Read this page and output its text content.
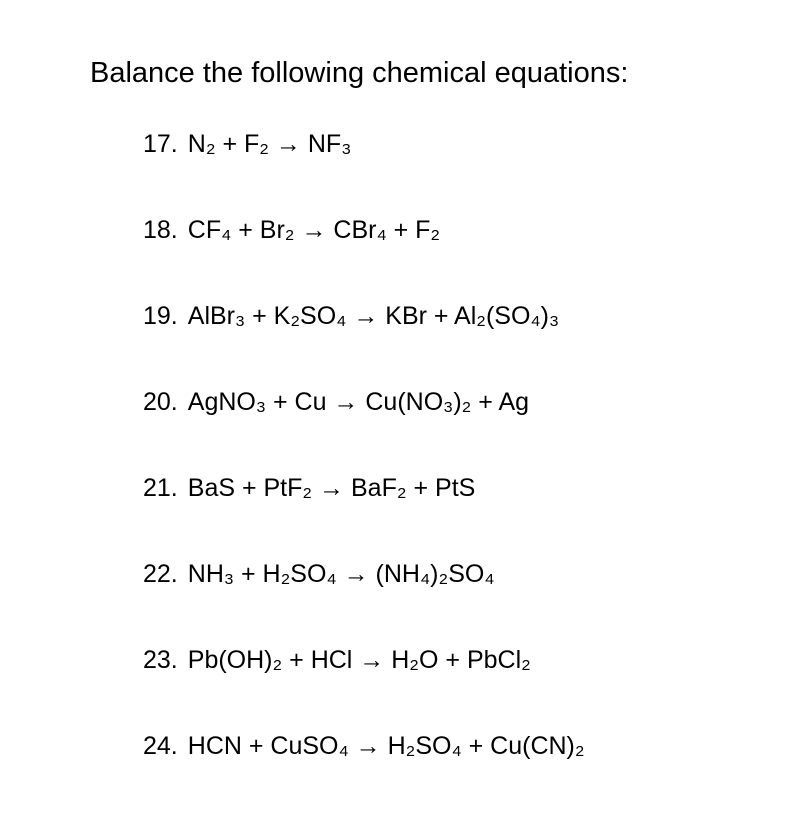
Balance the following chemical equations:
17. N₂ + F₂ → NF₃
18. CF₄ + Br₂ → CBr₄ + F₂
19. AlBr₃ + K₂SO₄ → KBr + Al₂(SO₄)₃
20. AgNO₃ + Cu → Cu(NO₃)₂ + Ag
21. BaS + PtF₂ → BaF₂ + PtS
22. NH₃ + H₂SO₄ → (NH₄)₂SO₄
23. Pb(OH)₂ + HCl → H₂O + PbCl₂
24. HCN + CuSO₄ → H₂SO₄ + Cu(CN)₂
